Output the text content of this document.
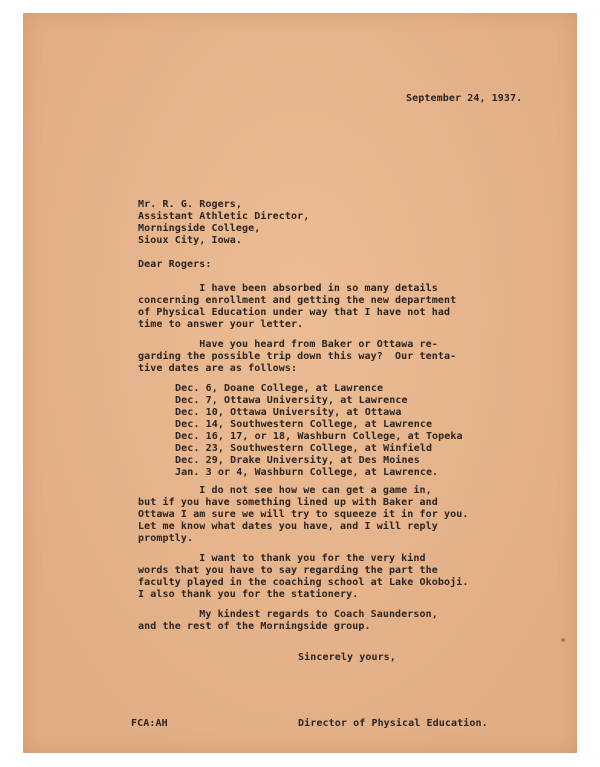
September 24, 1937.
Mr. R. G. Rogers,
Assistant Athletic Director,
Morningside College,
Sioux City, Iowa.
Dear Rogers:
I have been absorbed in so many details
concerning enrollment and getting the new department
of Physical Education under way that I have not had
time to answer your letter.
Have you heard from Baker or Ottawa re-
garding the possible trip down this way?  Our tenta-
tive dates are as follows:
Dec. 6, Doane College, at Lawrence
Dec. 7, Ottawa University, at Lawrence
Dec. 10, Ottawa University, at Ottawa
Dec. 14, Southwestern College, at Lawrence
Dec. 16, 17, or 18, Washburn College, at Topeka
Dec. 23, Southwestern College, at Winfield
Dec. 29, Drake University, at Des Moines
Jan. 3 or 4, Washburn College, at Lawrence.
I do not see how we can get a game in,
but if you have something lined up with Baker and
Ottawa I am sure we will try to squeeze it in for you.
Let me know what dates you have, and I will reply
promptly.
I want to thank you for the very kind
words that you have to say regarding the part the
faculty played in the coaching school at Lake Okoboji.
I also thank you for the stationery.
My kindest regards to Coach Saunderson,
and the rest of the Morningside group.
Sincerely yours,
FCA:AH	Director of Physical Education.
